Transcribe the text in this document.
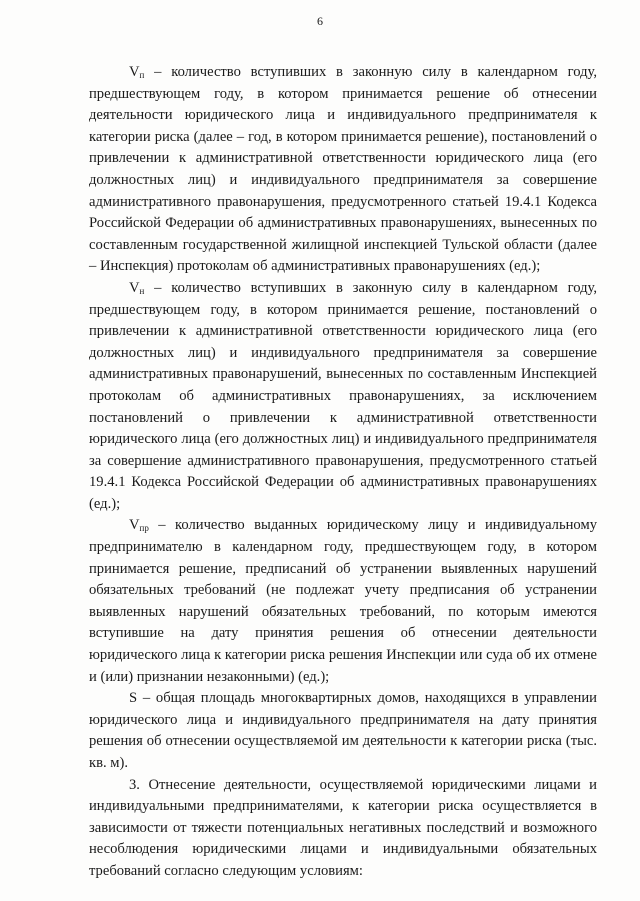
6

$V_п$ – количество вступивших в законную силу в календарном году, предшествующем году, в котором принимается решение об отнесении деятельности юридического лица и индивидуального предпринимателя к категории риска (далее – год, в котором принимается решение), постановлений о привлечении к административной ответственности юридического лица (его должностных лиц) и индивидуального предпринимателя за совершение административного правонарушения, предусмотренного статьей 19.4.1 Кодекса Российской Федерации об административных правонарушениях, вынесенных по составленным государственной жилищной инспекцией Тульской области (далее – Инспекция) протоколам об административных правонарушениях (ед.);

$V_н$ – количество вступивших в законную силу в календарном году, предшествующем году, в котором принимается решение, постановлений о привлечении к административной ответственности юридического лица (его должностных лиц) и индивидуального предпринимателя за совершение административных правонарушений, вынесенных по составленным Инспекцией протоколам об административных правонарушениях, за исключением постановлений о привлечении к административной ответственности юридического лица (его должностных лиц) и индивидуального предпринимателя за совершение административного правонарушения, предусмотренного статьей 19.4.1 Кодекса Российской Федерации об административных правонарушениях (ед.);

$V_{пр}$ – количество выданных юридическому лицу и индивидуальному предпринимателю в календарном году, предшествующем году, в котором принимается решение, предписаний об устранении выявленных нарушений обязательных требований (не подлежат учету предписания об устранении выявленных нарушений обязательных требований, по которым имеются вступившие на дату принятия решения об отнесении деятельности юридического лица к категории риска решения Инспекции или суда об их отмене и (или) признании незаконными) (ед.);

S – общая площадь многоквартирных домов, находящихся в управлении юридического лица и индивидуального предпринимателя на дату принятия решения об отнесении осуществляемой им деятельности к категории риска (тыс. кв. м).

3. Отнесение деятельности, осуществляемой юридическими лицами и индивидуальными предпринимателями, к категории риска осуществляется в зависимости от тяжести потенциальных негативных последствий и возможного несоблюдения юридическими лицами и индивидуальными обязательных требований согласно следующим условиям:
